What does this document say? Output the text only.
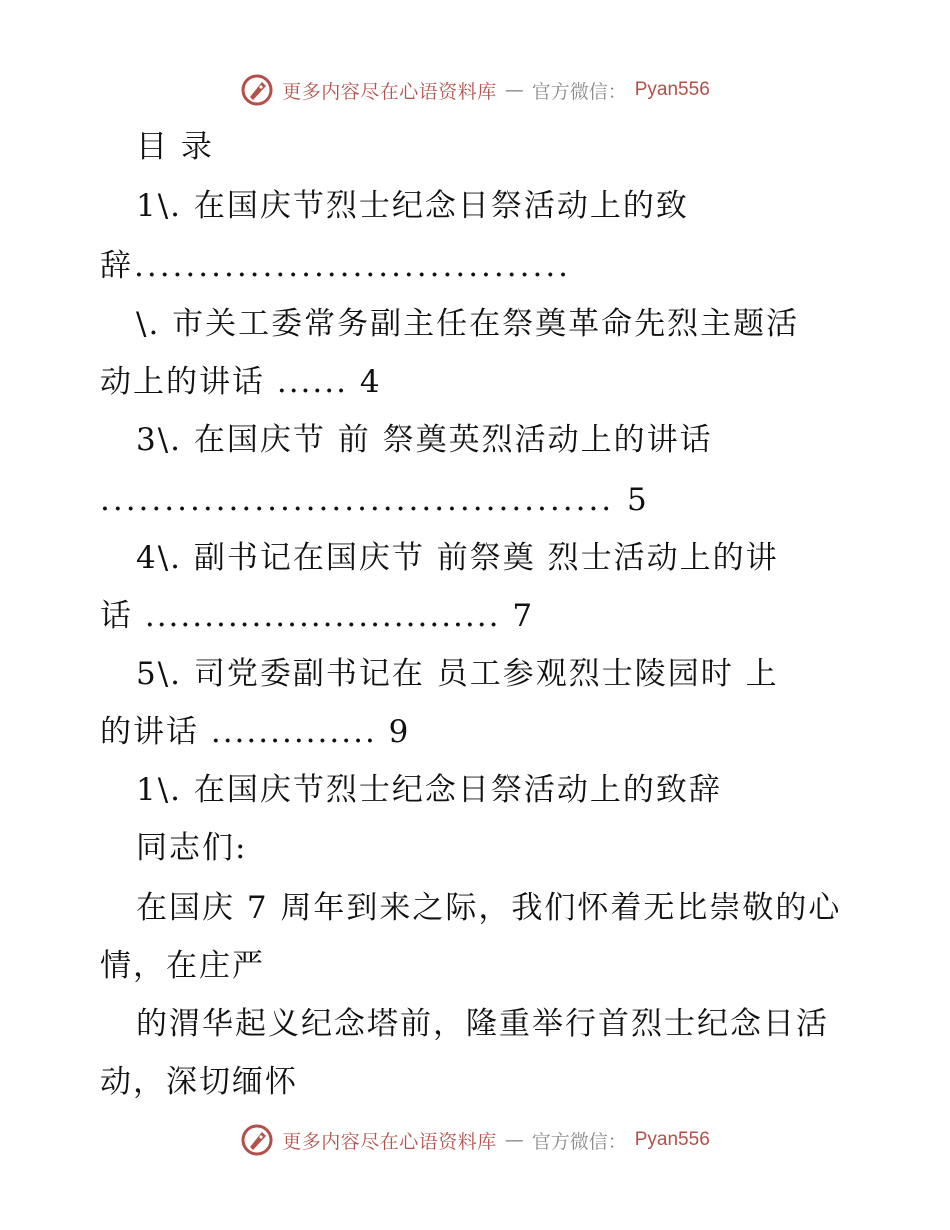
更多内容尽在心语资料库 — 官方微信： Pyan556
目 录
1\. 在国庆节烈士纪念日祭活动上的致
辞..................................
\. 市关工委常务副主任在祭奠革命先烈主题活
动上的讲话 ...... 4
3\. 在国庆节 前 祭奠英烈活动上的讲话
........................................ 5
4\. 副书记在国庆节 前祭奠 烈士活动上的讲
话 .............................. 7
5\. 司党委副书记在 员工参观烈士陵园时 上
的讲话 .............. 9
1\. 在国庆节烈士纪念日祭活动上的致辞
同志们:
在国庆 7 周年到来之际，我们怀着无比崇敬的心
情，在庄严
的渭华起义纪念塔前，隆重举行首烈士纪念日活
动，深切缅怀
更多内容尽在心语资料库 — 官方微信： Pyan556
